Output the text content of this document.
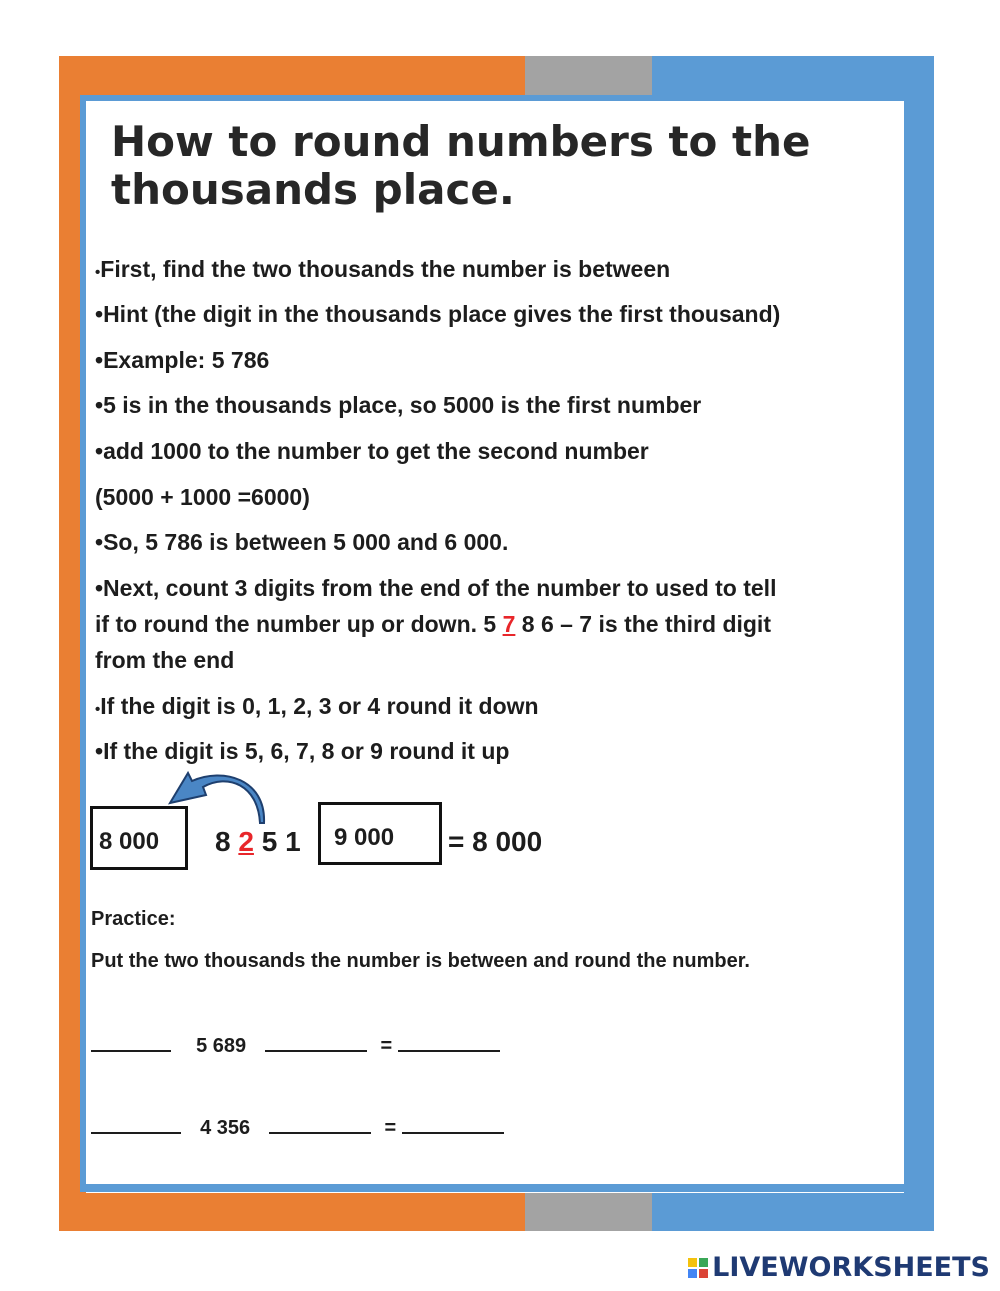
How to round numbers to the thousands place.
•First, find the two thousands the number is between
•Hint (the digit in the thousands place gives the first thousand)
•Example: 5 786
•5 is in the thousands place, so 5000 is the first number
•add 1000 to the number to get the second number
(5000 + 1000 =6000)
•So, 5 786 is between 5 000 and 6 000.
•Next, count 3 digits from the end of the number to used to tell
if to round the number up or down. 5 7 8 6 – 7 is the third digit
from the end
•If the digit is 0, 1, 2, 3 or 4 round it down
•If the digit is 5, 6, 7, 8 or 9 round it up
8 000 8 2 5 1 9 000 = 8 000
Practice:
Put the two thousands the number is between and round the number.
5 689	=
4 356	=
LIVEWORKSHEETS
